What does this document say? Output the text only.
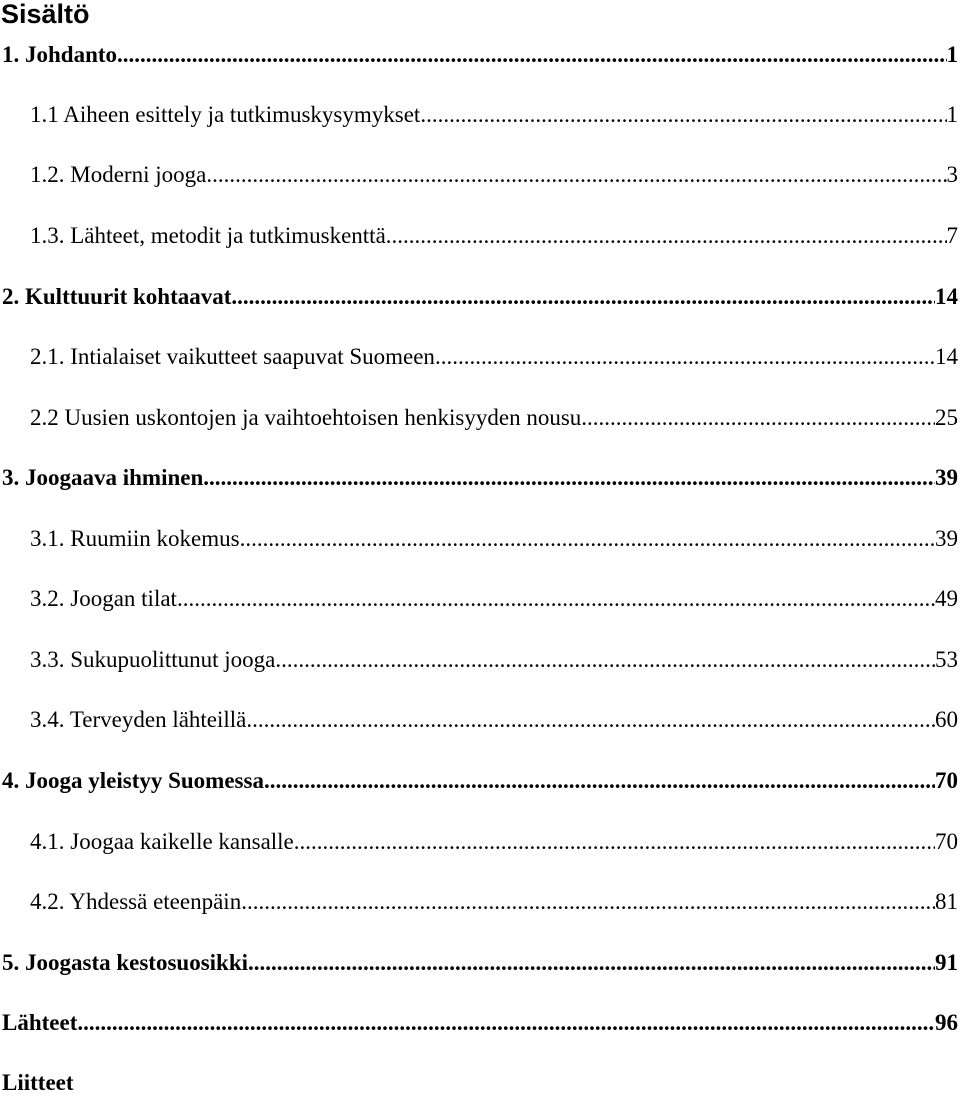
Sisältö
1. Johdanto .....	1
1.1 Aiheen esittely ja tutkimuskysymykset .....	1
1.2. Moderni jooga .....	3
1.3. Lähteet, metodit ja tutkimuskenttä .....	7
2. Kulttuurit kohtaavat .....	14
2.1. Intialaiset vaikutteet saapuvat Suomeen .....	14
2.2 Uusien uskontojen ja vaihtoehtoisen henkisyyden nousu .....	25
3. Joogaava ihminen .....	39
3.1. Ruumiin kokemus .....	39
3.2. Joogan tilat .....	49
3.3. Sukupuolittunut jooga .....	53
3.4. Terveyden lähteillä .....	60
4. Jooga yleistyy Suomessa .....	70
4.1. Joogaa kaikelle kansalle .....	70
4.2. Yhdessä eteenpäin .....	81
5. Joogasta kestosuosikki .....	91
Lähteet .....	96
Liitteet
